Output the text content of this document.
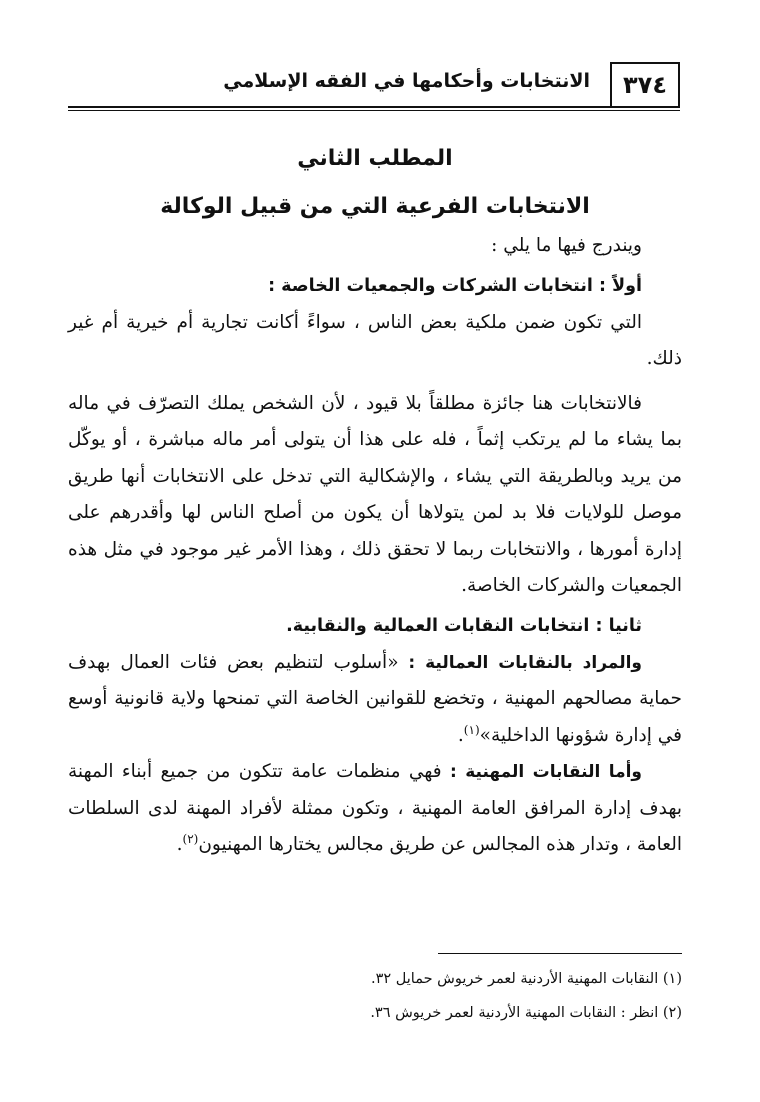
٣٧٤
الانتخابات وأحكامها في الفقه الإسلامي

المطلب الثاني

الانتخابات الفرعية التي من قبيل الوكالة

ويندرج فيها ما يلي :

أولاً : انتخابات الشركات والجمعيات الخاصة :

التي تكون ضمن ملكية بعض الناس ، سواءً أكانت تجارية أم خيرية أم غير ذلك.

فالانتخابات هنا جائزة مطلقاً بلا قيود ، لأن الشخص يملك التصرّف في ماله بما يشاء ما لم يرتكب إثماً ، فله على هذا أن يتولى أمر ماله مباشرة ، أو يوكّل من يريد وبالطريقة التي يشاء ، والإشكالية التي تدخل على الانتخابات أنها طريق موصل للولايات فلا بد لمن يتولاها أن يكون من أصلح الناس لها وأقدرهم على إدارة أمورها ، والانتخابات ربما لا تحقق ذلك ، وهذا الأمر غير موجود في مثل هذه الجمعيات والشركات الخاصة.

ثانيا : انتخابات النقابات العمالية والنقابية.

والمراد بالنقابات العمالية : «أسلوب لتنظيم بعض فئات العمال بهدف حماية مصالحهم المهنية ، وتخضع للقوانين الخاصة التي تمنحها ولاية قانونية أوسع في إدارة شؤونها الداخلية»$^{(١)}$.

وأما النقابات المهنية : فهي منظمات عامة تتكون من جميع أبناء المهنة بهدف إدارة المرافق العامة المهنية ، وتكون ممثلة لأفراد المهنة لدى السلطات العامة ، وتدار هذه المجالس عن طريق مجالس يختارها المهنيون$^{(٢)}$.

(١) النقابات المهنية الأردنية لعمر خريوش حمايل ٣٢.

(٢) انظر : النقابات المهنية الأردنية لعمر خريوش ٣٦.
